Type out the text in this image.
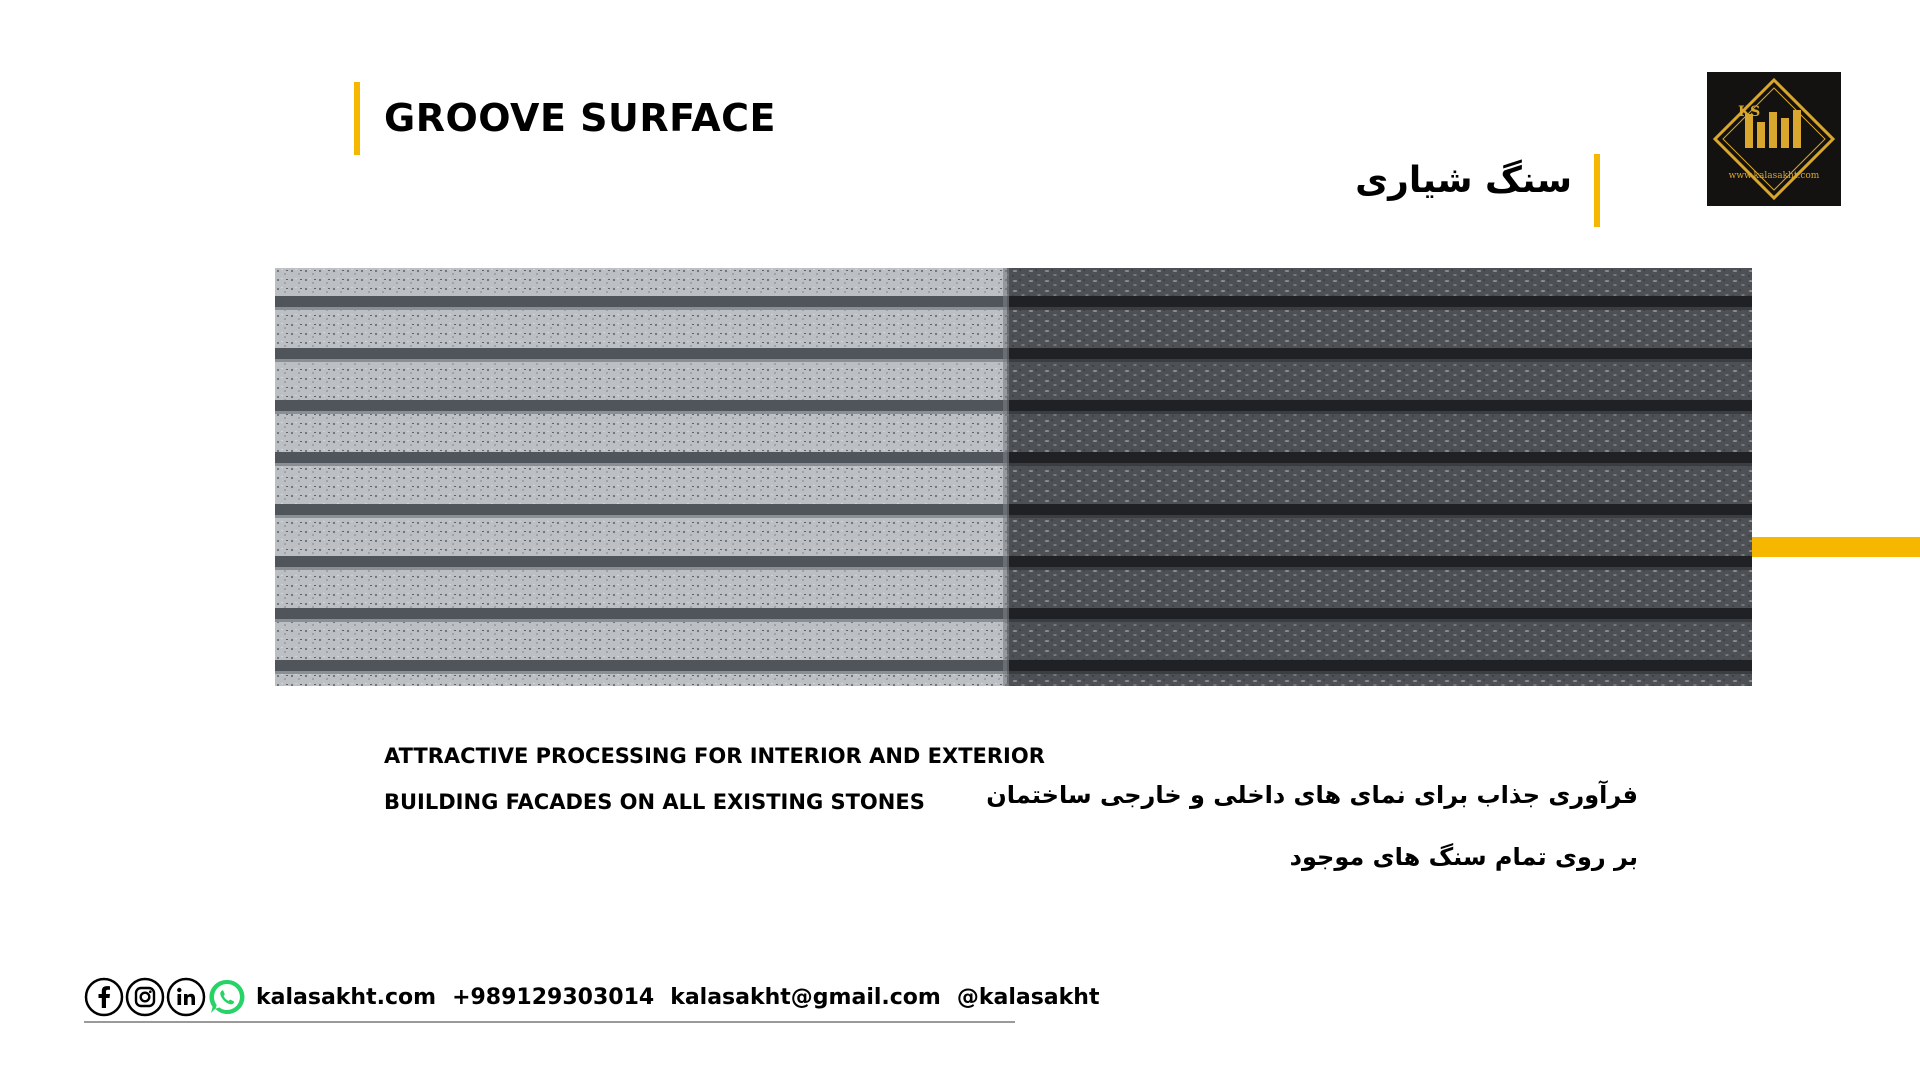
GROOVE SURFACE
سنگ شیاری
KS
www.kalasakht.com
ATTRACTIVE PROCESSING FOR INTERIOR AND EXTERIOR
BUILDING FACADES ON ALL EXISTING STONES	فرآوری جذاب برای نمای های داخلی و خارجی ساختمان
بر روی تمام سنگ های موجود
kalasakht.com +989129303014 kalasakht@gmail.com @kalasakht
